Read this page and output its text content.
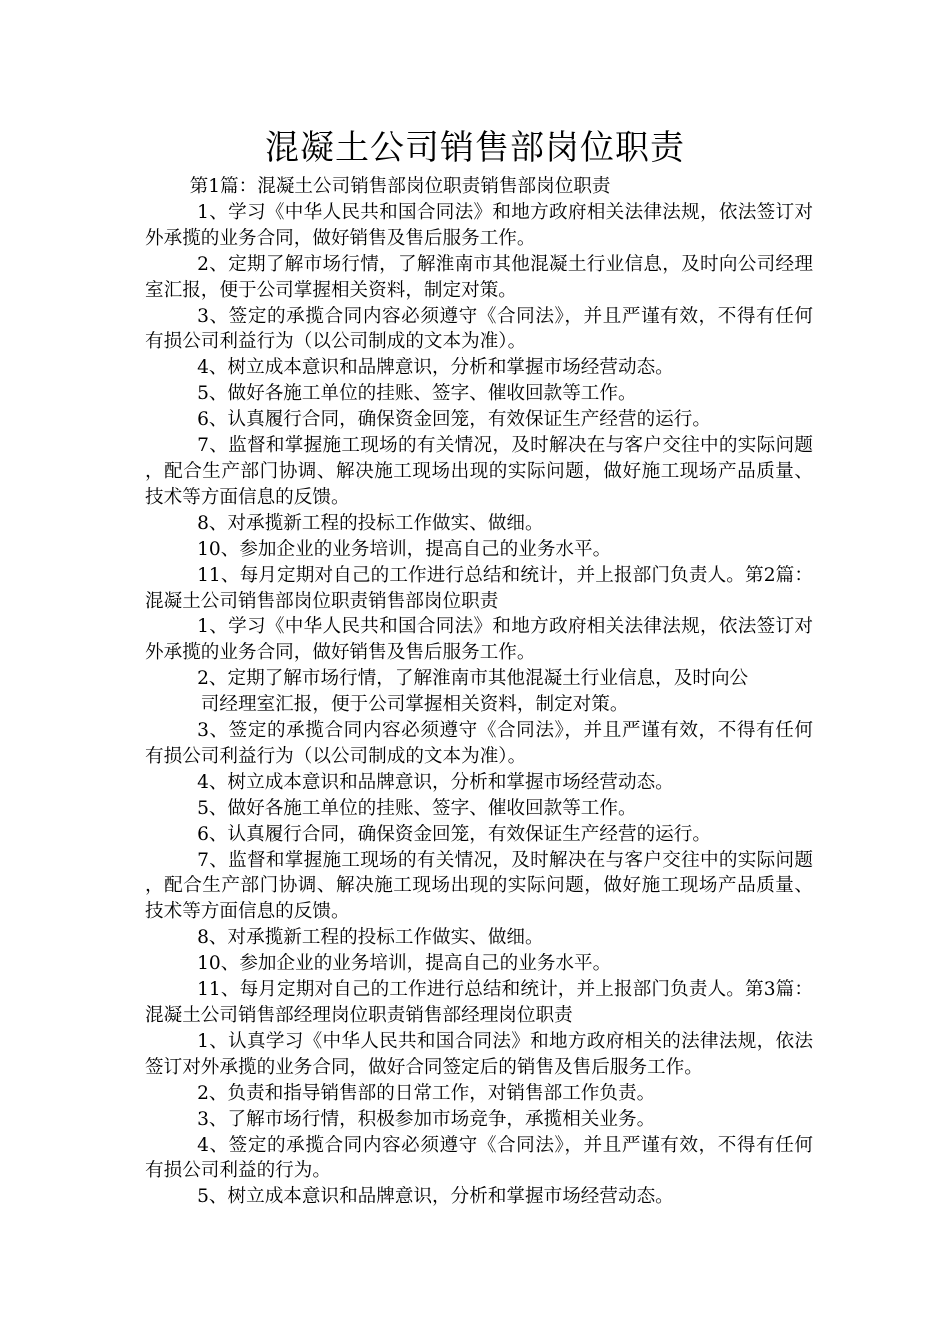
混凝土公司销售部岗位职责

第1篇：混凝土公司销售部岗位职责销售部岗位职责

1、学习《中华人民共和国合同法》和地方政府相关法律法规，依法签订对外承揽的业务合同，做好销售及售后服务工作。

2、定期了解市场行情，了解淮南市其他混凝土行业信息，及时向公司经理室汇报，便于公司掌握相关资料，制定对策。

3、签定的承揽合同内容必须遵守《合同法》，并且严谨有效，不得有任何有损公司利益行为（以公司制成的文本为准）。

4、树立成本意识和品牌意识，分析和掌握市场经营动态。

5、做好各施工单位的挂账、签字、催收回款等工作。

6、认真履行合同，确保资金回笼，有效保证生产经营的运行。

7、监督和掌握施工现场的有关情况，及时解决在与客户交往中的实际问题，配合生产部门协调、解决施工现场出现的实际问题，做好施工现场产品质量、技术等方面信息的反馈。

8、对承揽新工程的投标工作做实、做细。

10、参加企业的业务培训，提高自己的业务水平。

11、每月定期对自己的工作进行总结和统计，并上报部门负责人。第2篇：混凝土公司销售部岗位职责销售部岗位职责

1、学习《中华人民共和国合同法》和地方政府相关法律法规，依法签订对外承揽的业务合同，做好销售及售后服务工作。

2、定期了解市场行情，了解淮南市其他混凝土行业信息，及时向公

司经理室汇报，便于公司掌握相关资料，制定对策。

3、签定的承揽合同内容必须遵守《合同法》，并且严谨有效，不得有任何有损公司利益行为（以公司制成的文本为准）。

4、树立成本意识和品牌意识，分析和掌握市场经营动态。

5、做好各施工单位的挂账、签字、催收回款等工作。

6、认真履行合同，确保资金回笼，有效保证生产经营的运行。

7、监督和掌握施工现场的有关情况，及时解决在与客户交往中的实际问题，配合生产部门协调、解决施工现场出现的实际问题，做好施工现场产品质量、技术等方面信息的反馈。

8、对承揽新工程的投标工作做实、做细。

10、参加企业的业务培训，提高自己的业务水平。

11、每月定期对自己的工作进行总结和统计，并上报部门负责人。第3篇：混凝土公司销售部经理岗位职责销售部经理岗位职责

1、认真学习《中华人民共和国合同法》和地方政府相关的法律法规，依法签订对外承揽的业务合同，做好合同签定后的销售及售后服务工作。

2、负责和指导销售部的日常工作，对销售部工作负责。

3、了解市场行情，积极参加市场竞争，承揽相关业务。

4、签定的承揽合同内容必须遵守《合同法》，并且严谨有效，不得有任何有损公司利益的行为。

5、树立成本意识和品牌意识，分析和掌握市场经营动态。
